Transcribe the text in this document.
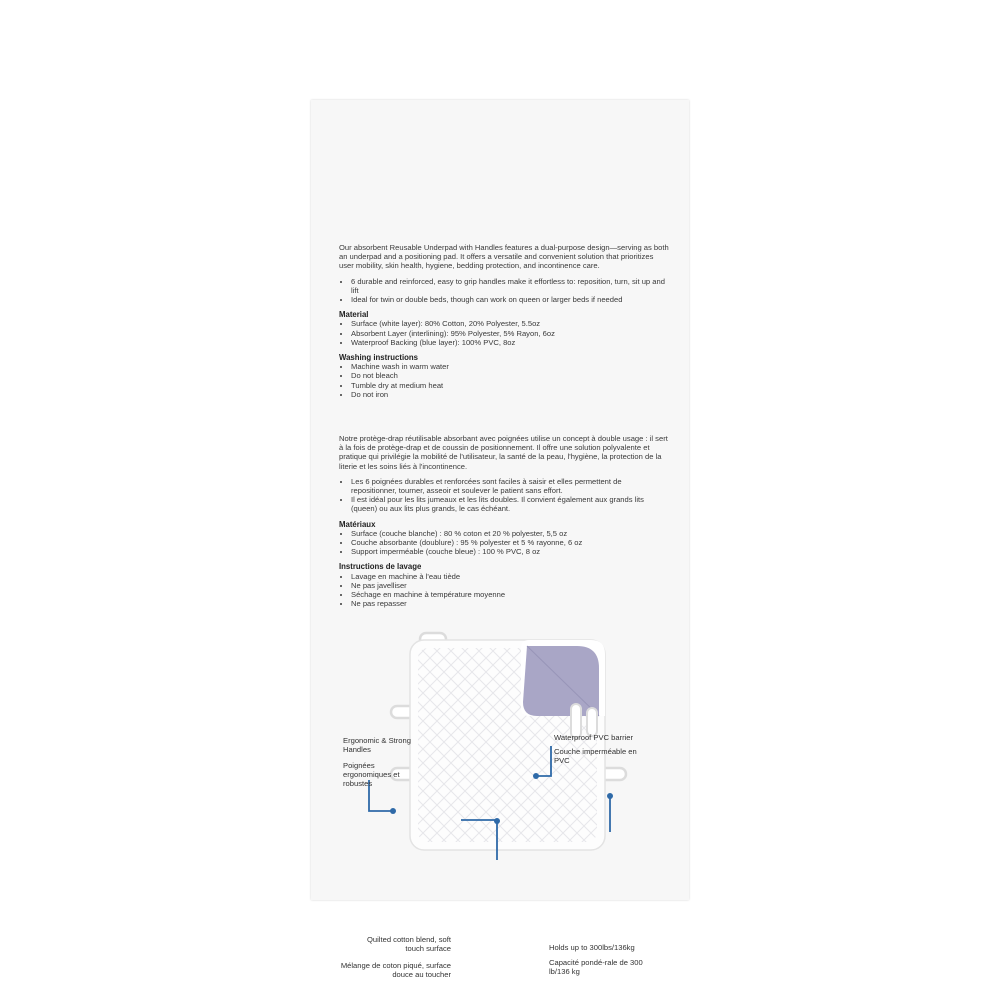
Our absorbent Reusable Underpad with Handles features a dual-purpose design—serving as both an underpad and a positioning pad. It offers a versatile and convenient solution that prioritizes user mobility, skin health, hygiene, bedding protection, and incontinence care.

• 6 durable and reinforced, easy to grip handles make it effortless to: reposition, turn, sit up and lift
• Ideal for twin or double beds, though can work on queen or larger beds if needed
Material
• Surface (white layer): 80% Cotton, 20% Polyester, 5.5oz
• Absorbent Layer (interlining): 95% Polyester, 5% Rayon, 6oz
• Waterproof Backing (blue layer): 100% PVC, 8oz
Washing instructions
• Machine wash in warm water
• Do not bleach
• Tumble dry at medium heat
• Do not iron

Notre protège-drap réutilisable absorbant avec poignées utilise un concept à double usage : il sert à la fois de protège-drap et de coussin de positionnement. Il offre une solution polyvalente et pratique qui privilégie la mobilité de l'utilisateur, la santé de la peau, l'hygiène, la protection de la literie et les soins liés à l'incontinence.

• Les 6 poignées durables et renforcées sont faciles à saisir et elles permettent de repositionner, tourner, asseoir et soulever le patient sans effort.
• Il est idéal pour les lits jumeaux et les lits doubles. Il convient également aux grands lits (queen) ou aux lits plus grands, le cas échéant.
Matériaux
• Surface (couche blanche) : 80 % coton et 20 % polyester, 5,5 oz
• Couche absorbante (doublure) : 95 % polyester et 5 % rayonne, 6 oz
• Support imperméable (couche bleue) : 100 % PVC, 8 oz
Instructions de lavage
• Lavage en machine à l'eau tiède
• Ne pas javelliser
• Séchage en machine à température moyenne
• Ne pas repasser
Ergonomic & Strong Handles
Poignées ergonomiques et robustes
Waterproof PVC barrier
Couche imperméable en PVC
Quilted cotton blend, soft touch surface
Mélange de coton piqué, surface douce au toucher
Holds up to 300lbs/136kg
Capacité pondé-rale de 300 lb/136 kg
